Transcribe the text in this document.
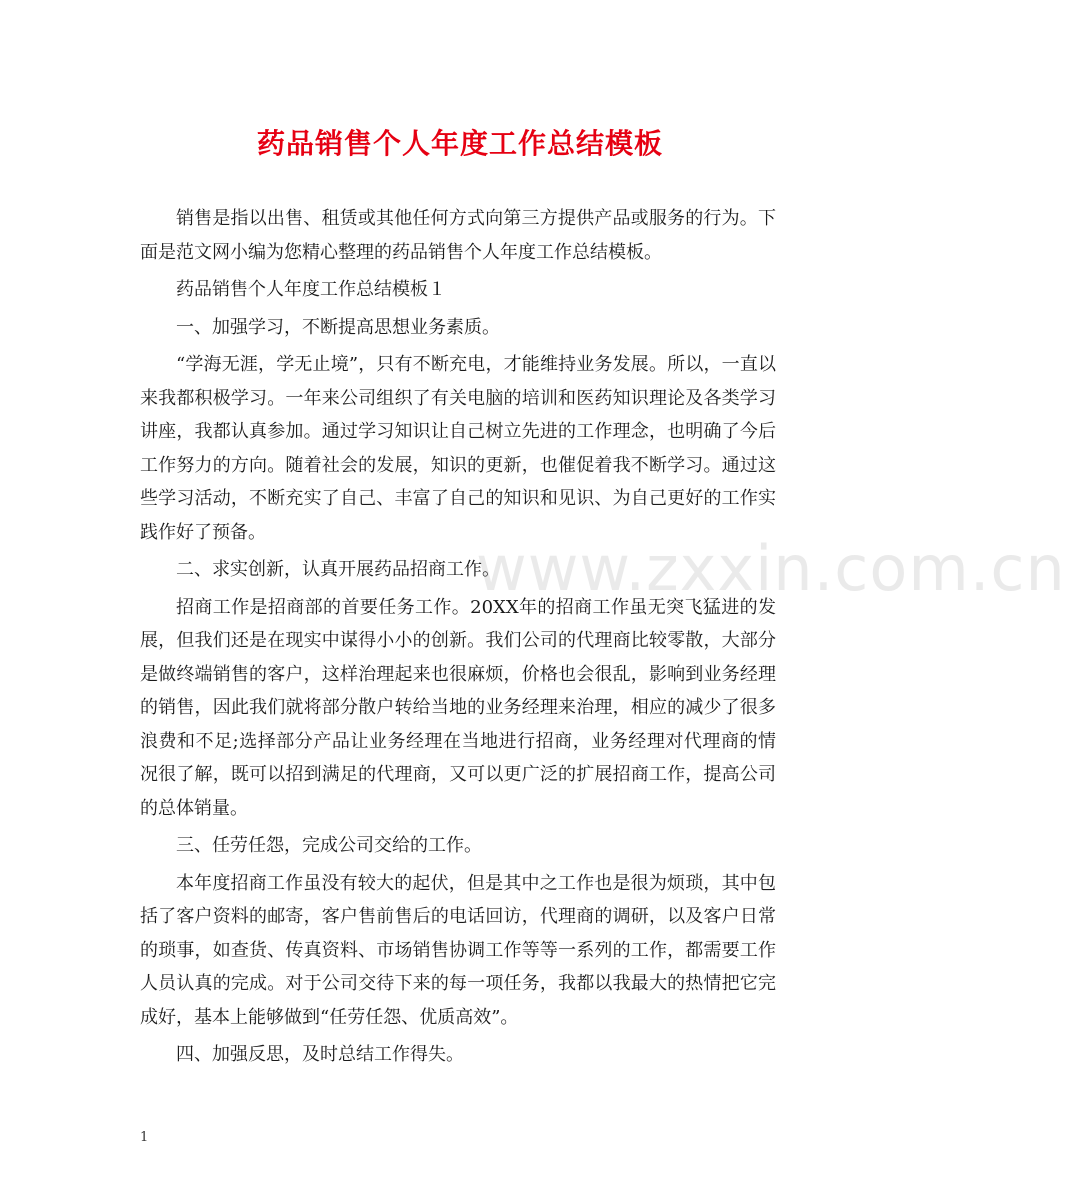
药品销售个人年度工作总结模板
www.zxxin.com.cn

销售是指以出售、租赁或其他任何方式向第三方提供产品或服务的行为。下面是范文网小编为您精心整理的药品销售个人年度工作总结模板。

药品销售个人年度工作总结模板１

一、加强学习，不断提高思想业务素质。

“学海无涯，学无止境”，只有不断充电，才能维持业务发展。所以，一直以来我都积极学习。一年来公司组织了有关电脑的培训和医药知识理论及各类学习讲座，我都认真参加。通过学习知识让自己树立先进的工作理念，也明确了今后工作努力的方向。随着社会的发展，知识的更新，也催促着我不断学习。通过这些学习活动，不断充实了自己、丰富了自己的知识和见识、为自己更好的工作实践作好了预备。

二、求实创新，认真开展药品招商工作。

招商工作是招商部的首要任务工作。20XX年的招商工作虽无突飞猛进的发展，但我们还是在现实中谋得小小的创新。我们公司的代理商比较零散，大部分是做终端销售的客户，这样治理起来也很麻烦，价格也会很乱，影响到业务经理的销售，因此我们就将部分散户转给当地的业务经理来治理，相应的减少了很多浪费和不足;选择部分产品让业务经理在当地进行招商，业务经理对代理商的情况很了解，既可以招到满足的代理商，又可以更广泛的扩展招商工作，提高公司的总体销量。

三、任劳任怨，完成公司交给的工作。

本年度招商工作虽没有较大的起伏，但是其中之工作也是很为烦琐，其中包括了客户资料的邮寄，客户售前售后的电话回访，代理商的调研，以及客户日常的琐事，如查货、传真资料、市场销售协调工作等等一系列的工作，都需要工作人员认真的完成。对于公司交待下来的每一项任务，我都以我最大的热情把它完成好，基本上能够做到“任劳任怨、优质高效”。

四、加强反思，及时总结工作得失。

1
